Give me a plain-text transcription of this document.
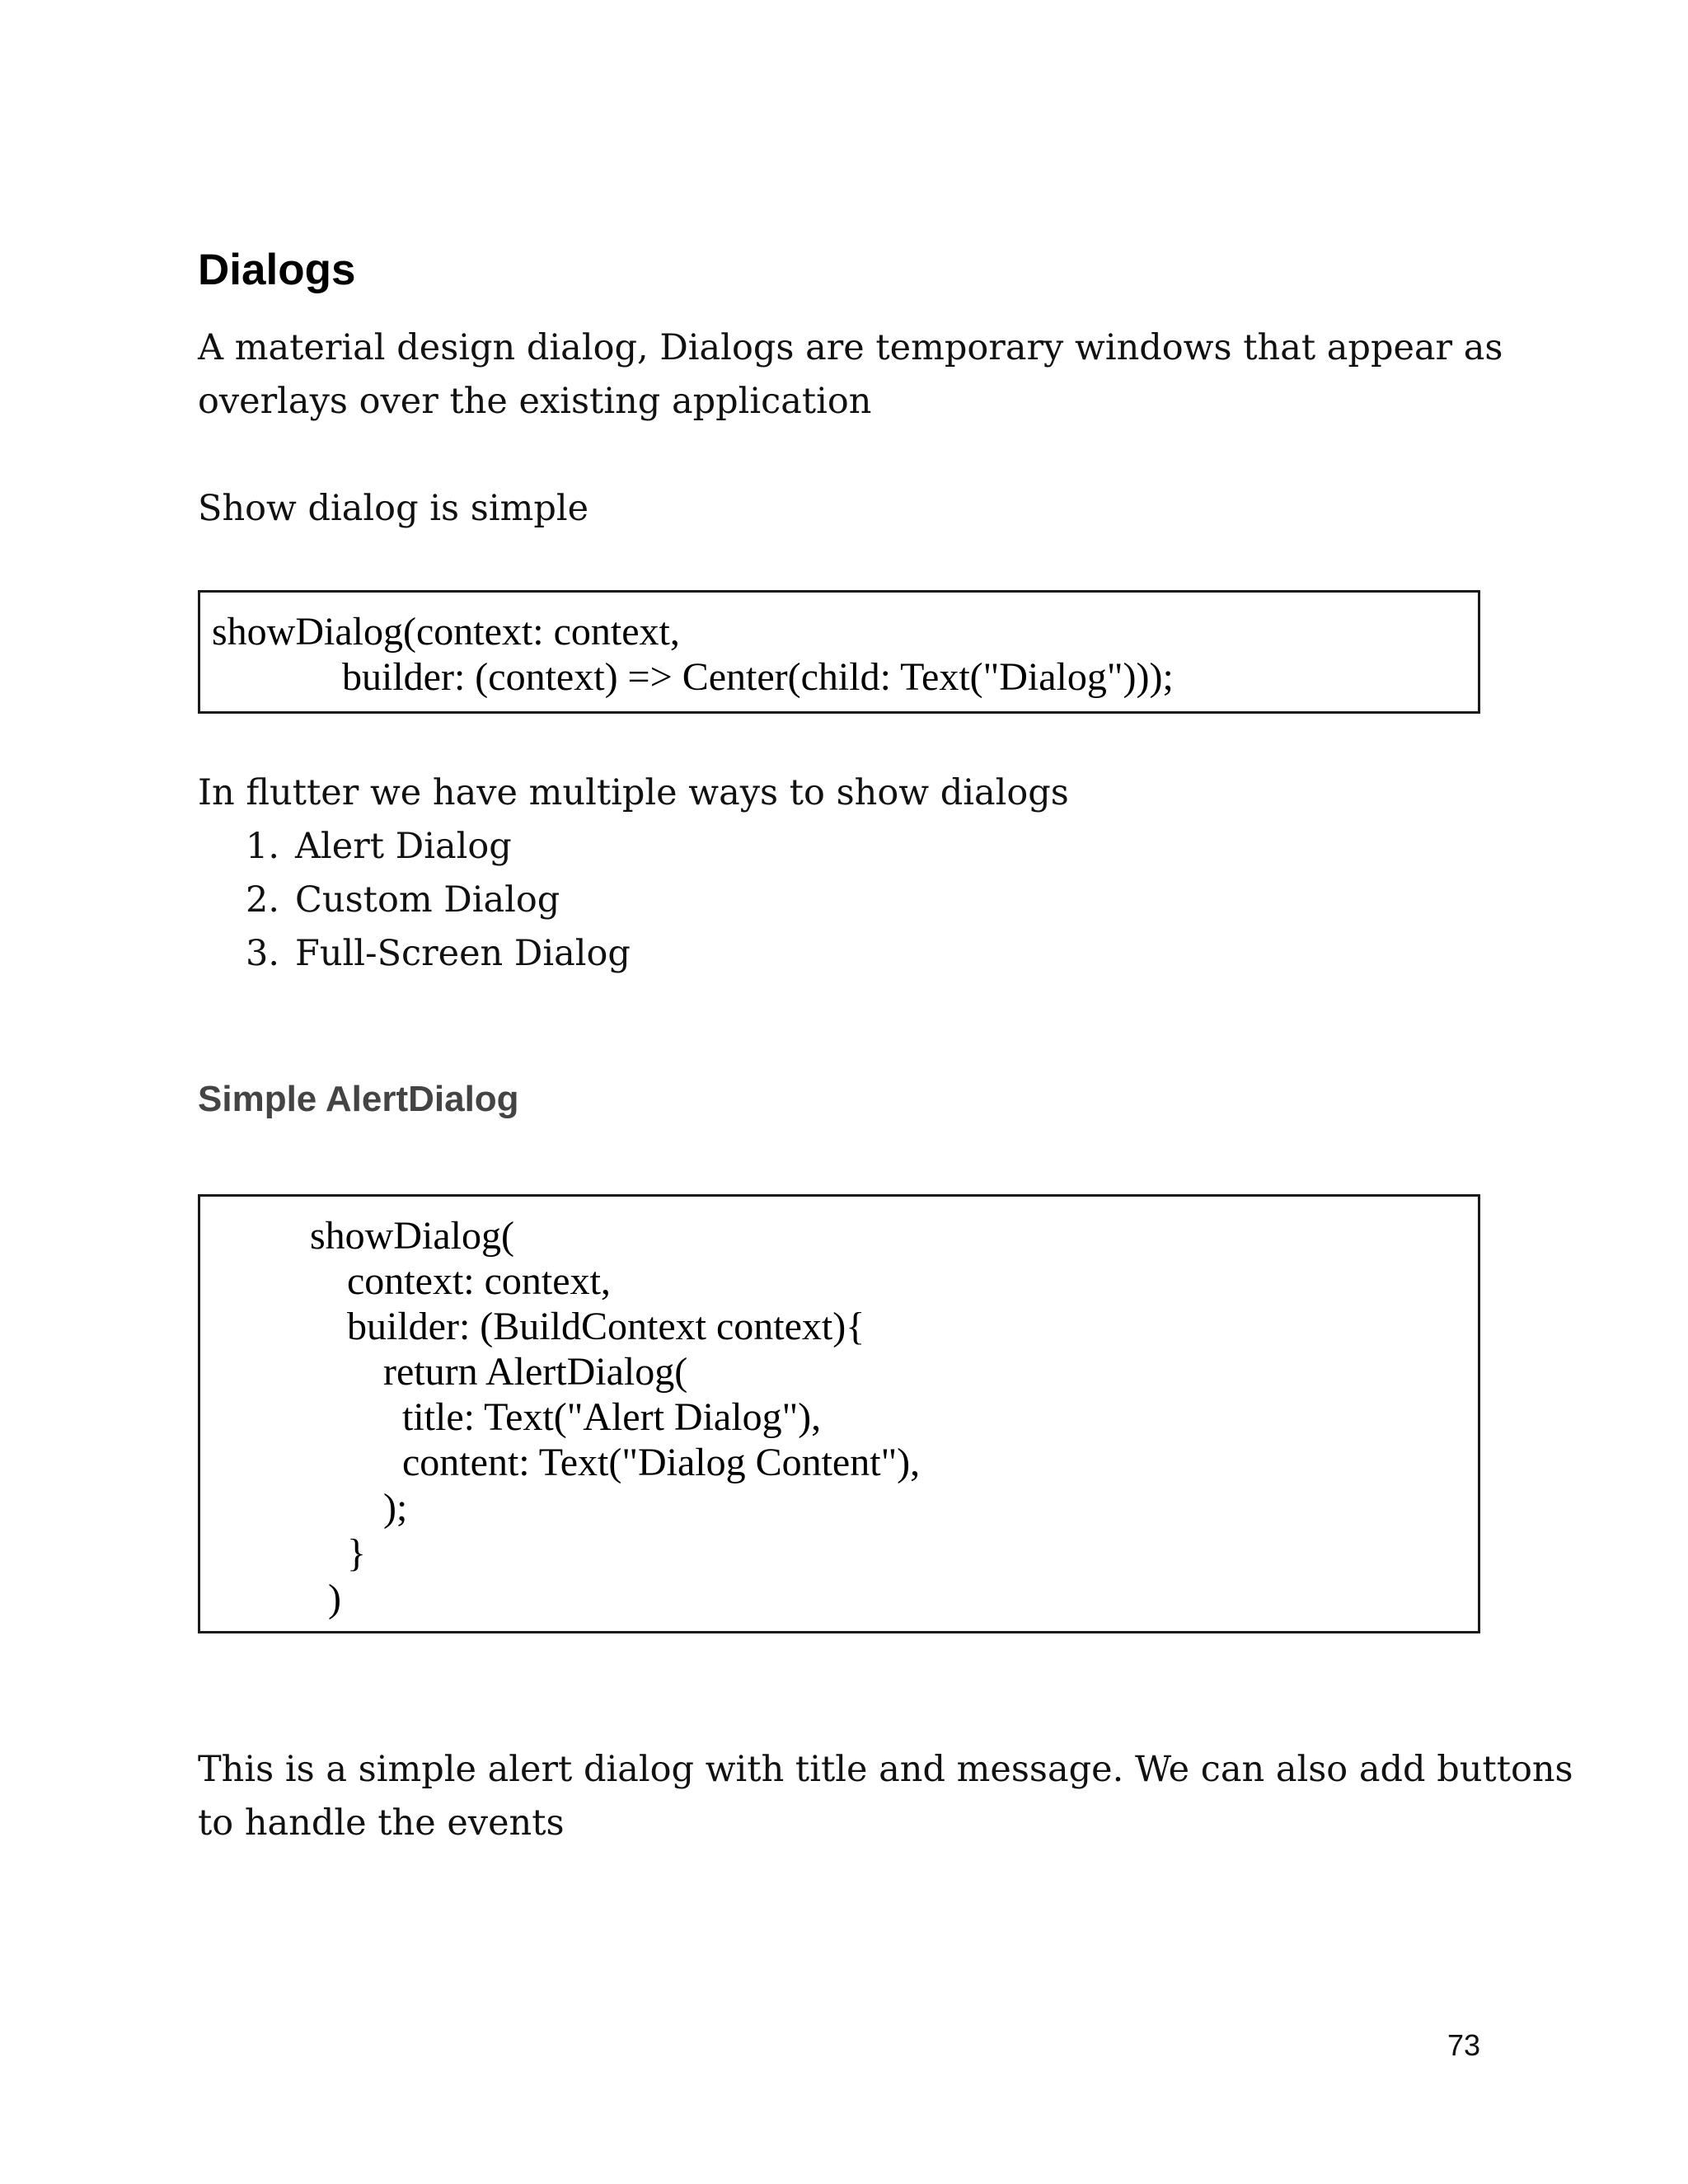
Dialogs

A material design dialog, Dialogs are temporary windows that appear as

overlays over the existing application

Show dialog is simple

showDialog(context: context,
builder: (context) => Center(child: Text("Dialog")));

In flutter we have multiple ways to show dialogs

1. Alert Dialog
2. Custom Dialog
3. Full-Screen Dialog
Simple AlertDialog
showDialog(
context: context,
builder: (BuildContext context){
return AlertDialog(
title: Text("Alert Dialog"),
content: Text("Dialog Content"),
);
}
)

This is a simple alert dialog with title and message. We can also add buttons

to handle the events

73
